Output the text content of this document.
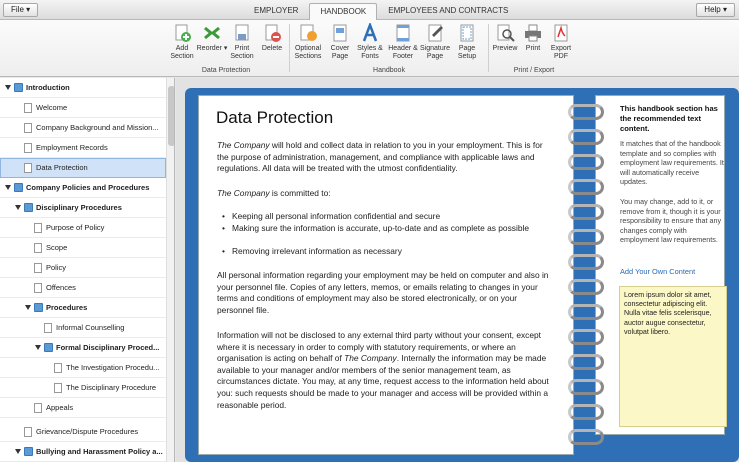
File ▾	EMPLOYER	HANDBOOK	EMPLOYEES AND CONTRACTS	Help ▾
Add Section
Reorder ▾	Print Section
Delete
Data Protection
Optional Sections
Cover Page
Styles & Fonts
Header & Footer
Signature Page
Page Setup
Handbook
Preview	Print	Export PDF
Print / Export
Introduction
Welcome
Company Background and Mission...
Employment Records
Data Protection
Company Policies and Procedures
Disciplinary Procedures
Purpose of Policy
Scope
Policy
Offences
Procedures
Informal Counselling
Formal Disciplinary Proced...
The Investigation Procedu...
The Disciplinary Procedure
Appeals
Grievance/Dispute Procedures
Bullying and Harassment Policy a...
Data Protection
The Company will hold and collect data in relation to you in your employment. This is for the purpose of administration, management, and compliance with applicable laws and regulations. All data will be treated with the utmost confidentiality.
The Company is committed to:
• Keeping all personal information confidential and secure
• Making sure the information is accurate, up-to-date and as complete as possible
• Removing irrelevant information as necessary
All personal information regarding your employment may be held on computer and also in your personnel file. Copies of any letters, memos, or emails relating to changes in your terms and conditions of employment may also be stored electronically, or on your personnel file.
Information will not be disclosed to any external third party without your consent, except where it is necessary in order to comply with statutory requirements, or where an organisation is acting on behalf of The Company. Internally the information may be made available to your manager and/or members of the senior management team, as circumstances dictate. You may, at any time, request access to the information held about you: such requests should be made to your manager and access will be provided within a reasonable period.
This handbook section has the recommended text content.
It matches that of the handbook template and so complies with employment law requirements. It will automatically receive updates.
You may change, add to it, or remove from it, though it is your responsibility to ensure that any changes comply with employment law requirements.
Add Your Own Content
Lorem ipsum dolor sit amet, consectetur adipiscing elit. Nulla vitae felis scelerisque, auctor augue consectetur, volutpat libero.
